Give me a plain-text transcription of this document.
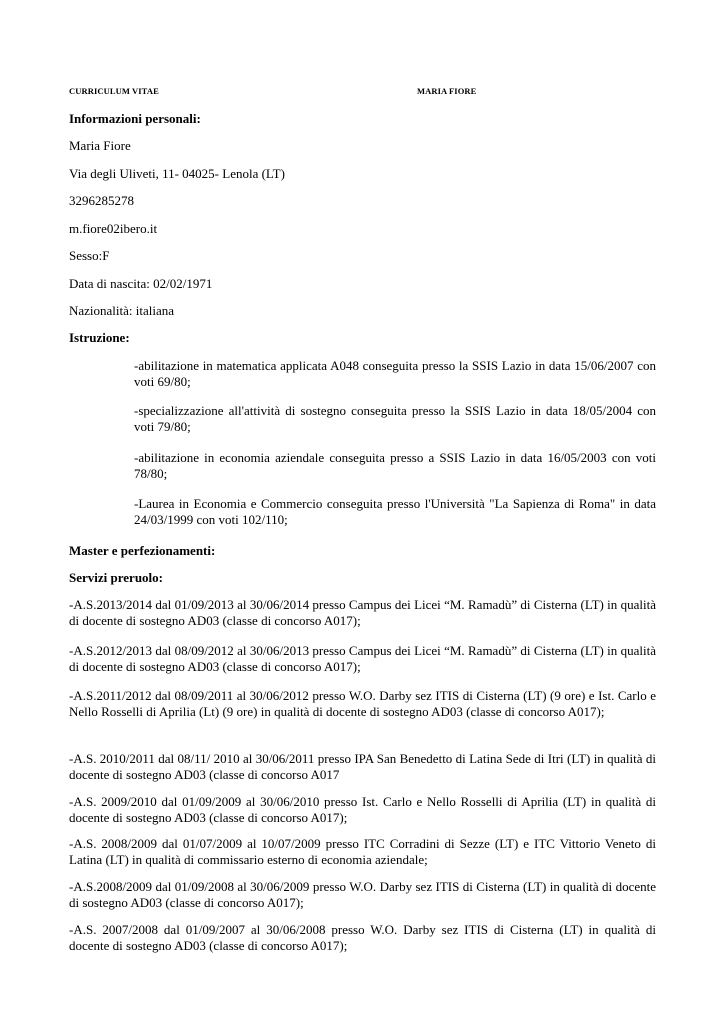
CURRICULUM VITAE	MARIA FIORE
Informazioni personali:
Maria Fiore
Via degli Uliveti, 11- 04025- Lenola (LT)
3296285278
m.fiore02ibero.it
Sesso:F
Data di nascita: 02/02/1971
Nazionalità: italiana
Istruzione:
-abilitazione in matematica applicata A048 conseguita presso la SSIS Lazio in data 15/06/2007 con voti 69/80;
-specializzazione all'attività di sostegno conseguita presso la SSIS Lazio in data 18/05/2004 con voti 79/80;
-abilitazione in economia aziendale conseguita presso a SSIS Lazio in data 16/05/2003 con voti 78/80;
-Laurea in Economia e Commercio conseguita presso l'Università "La Sapienza di Roma" in data 24/03/1999 con voti 102/110;
Master e perfezionamenti:
Servizi preruolo:
-A.S.2013/2014 dal 01/09/2013 al 30/06/2014 presso Campus dei Licei “M. Ramadù” di Cisterna (LT) in qualità di docente di sostegno AD03 (classe di concorso A017);
-A.S.2012/2013 dal 08/09/2012 al 30/06/2013 presso Campus dei Licei “M. Ramadù” di Cisterna (LT) in qualità di docente di sostegno AD03 (classe di concorso A017);
-A.S.2011/2012 dal 08/09/2011 al 30/06/2012 presso W.O. Darby sez ITIS di Cisterna (LT) (9 ore) e Ist. Carlo e Nello Rosselli di Aprilia (Lt) (9 ore) in qualità di docente di sostegno AD03 (classe di concorso A017);
-A.S. 2010/2011 dal 08/11/ 2010 al 30/06/2011 presso IPA San Benedetto di Latina Sede di Itri (LT) in qualità di docente di sostegno AD03 (classe di concorso A017
-A.S. 2009/2010 dal 01/09/2009 al 30/06/2010 presso Ist. Carlo e Nello Rosselli di Aprilia (LT) in qualità di docente di sostegno AD03 (classe di concorso A017);
-A.S. 2008/2009 dal 01/07/2009 al 10/07/2009 presso ITC Corradini di Sezze (LT) e ITC Vittorio Veneto di Latina (LT) in qualità di commissario esterno di economia aziendale;
-A.S.2008/2009 dal 01/09/2008 al 30/06/2009 presso W.O. Darby sez ITIS di Cisterna (LT) in qualità di docente di sostegno AD03 (classe di concorso A017);
-A.S. 2007/2008 dal 01/09/2007 al 30/06/2008 presso W.O. Darby sez ITIS di Cisterna (LT) in qualità di docente di sostegno AD03 (classe di concorso A017);
